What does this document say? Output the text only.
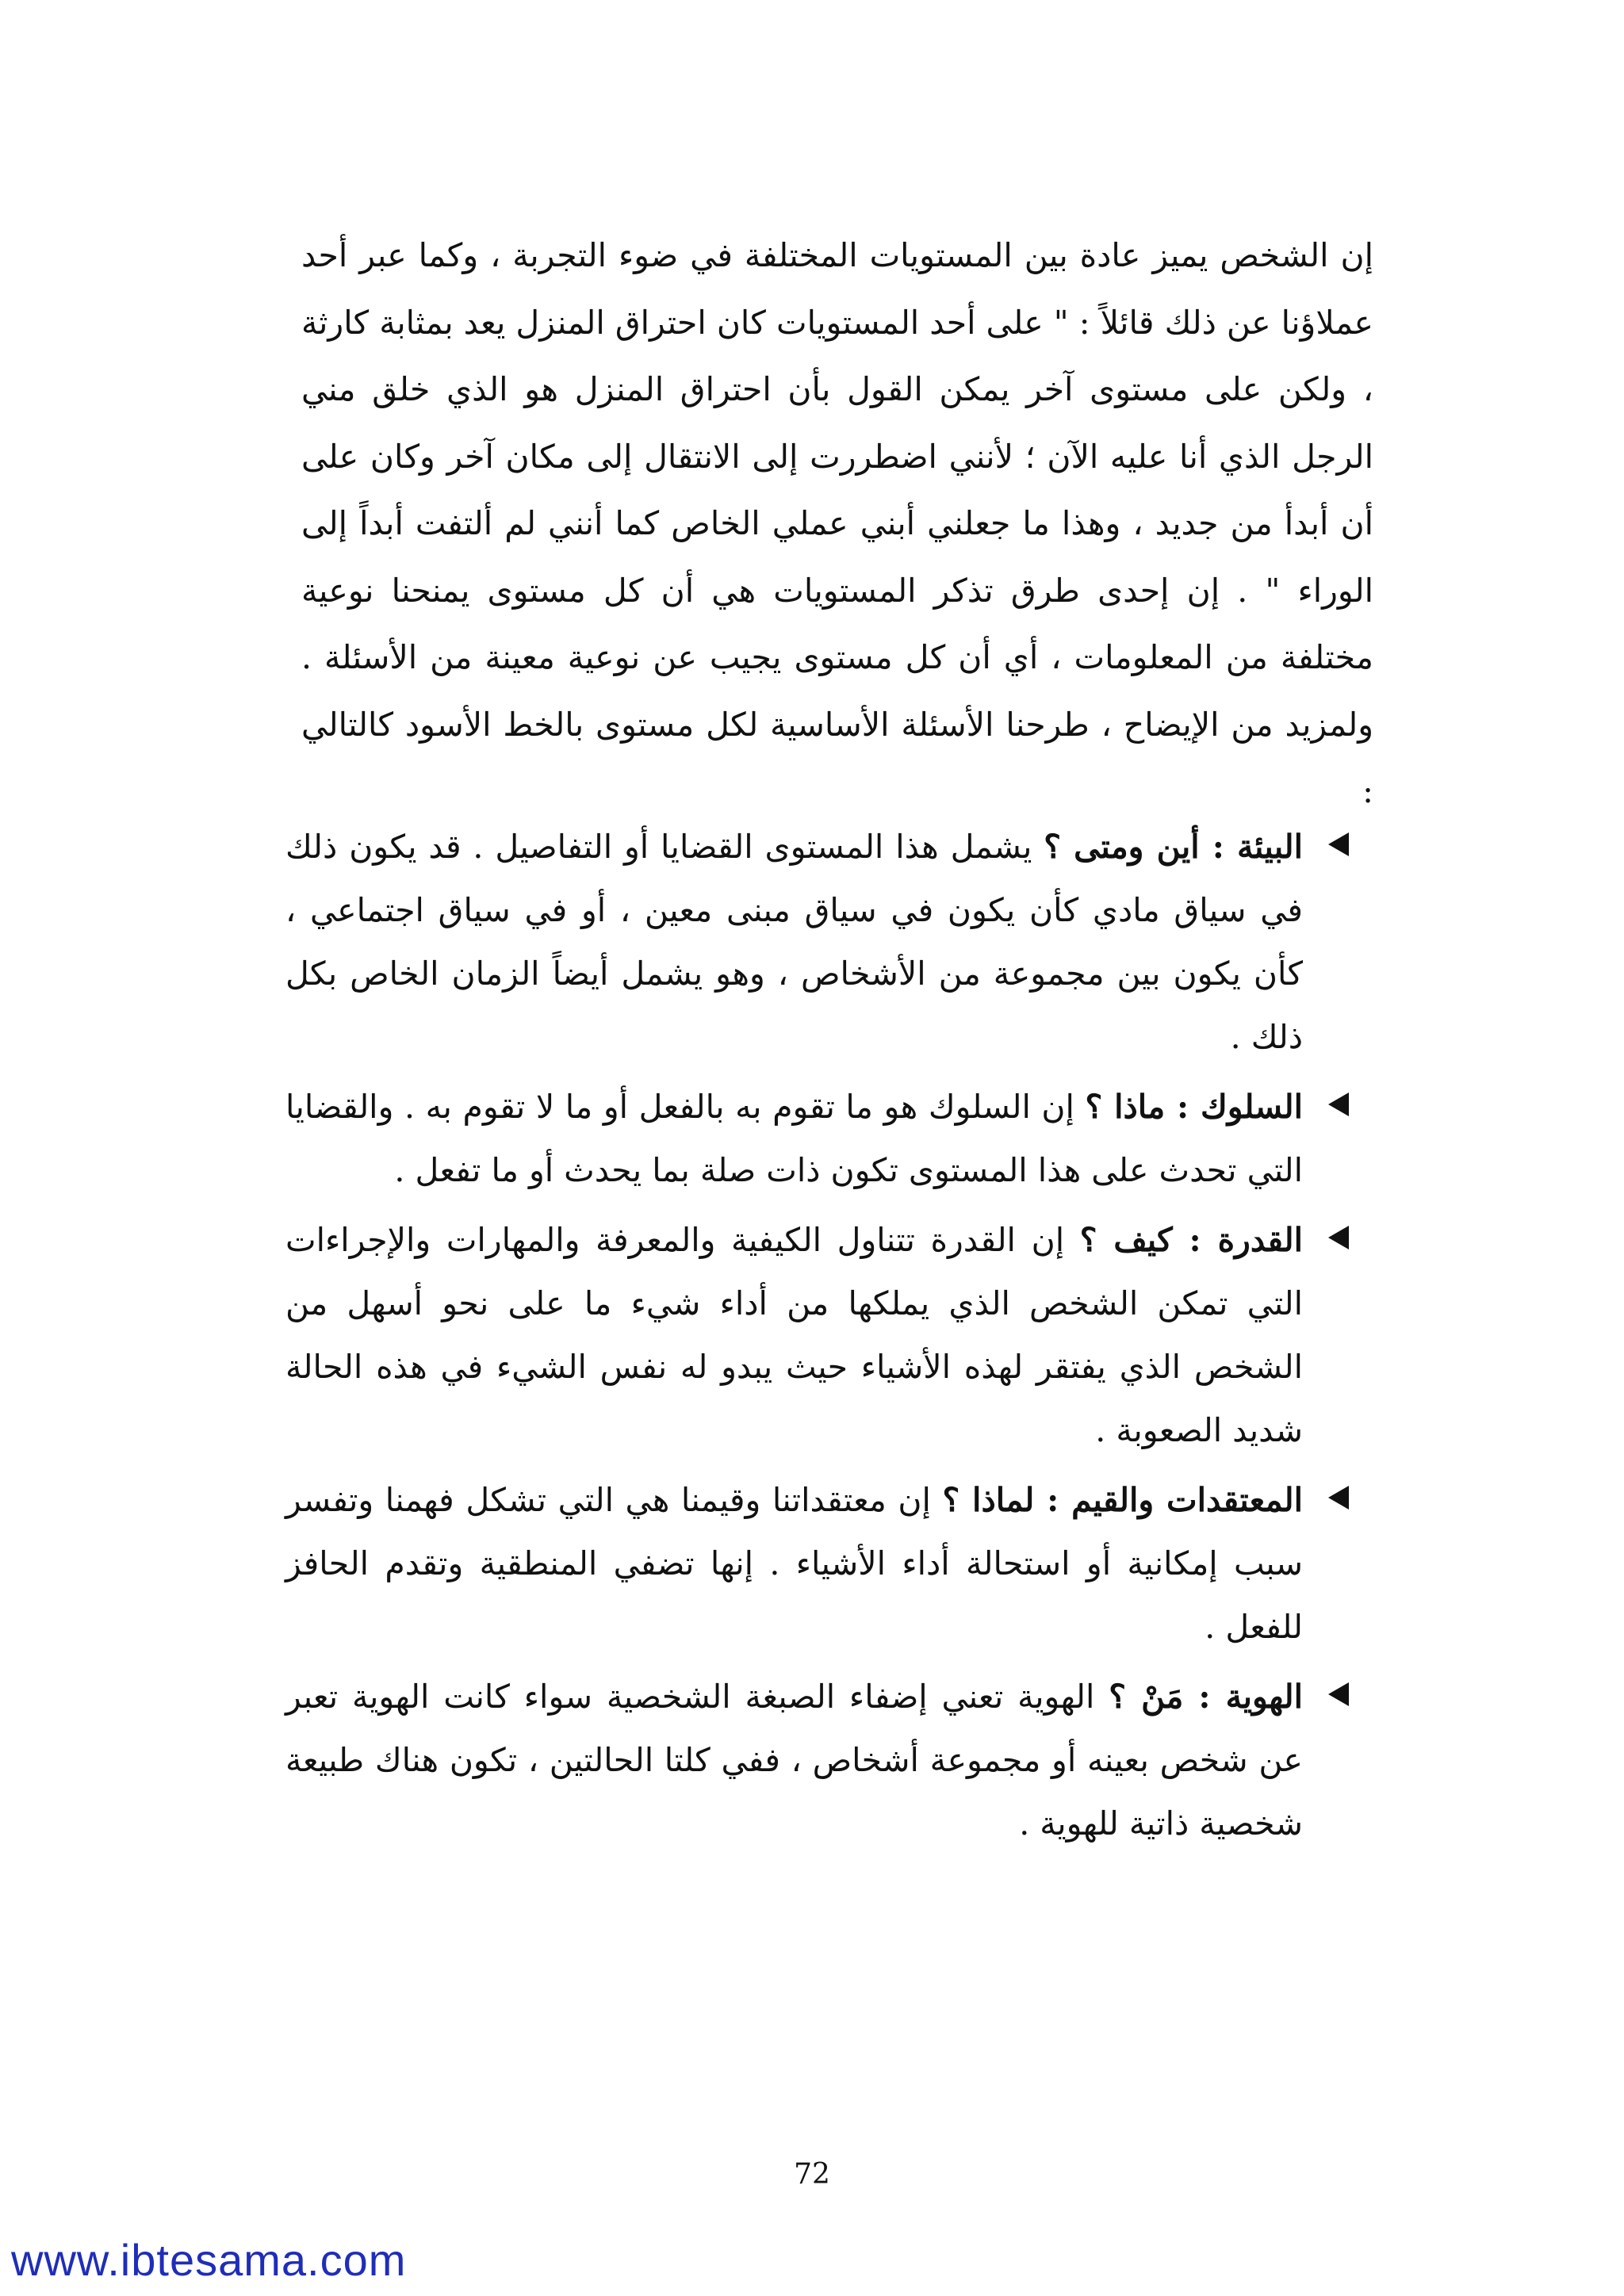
إن الشخص يميز عادة بين المستويات المختلفة في ضوء التجربة ، وكما عبر أحد عملاؤنا عن ذلك قائلاً : " على أحد المستويات كان احتراق المنزل يعد بمثابة كارثة ، ولكن على مستوى آخر يمكن القول بأن احتراق المنزل هو الذي خلق مني الرجل الذي أنا عليه الآن ؛ لأنني اضطررت إلى الانتقال إلى مكان آخر وكان على أن أبدأ من جديد ، وهذا ما جعلني أبني عملي الخاص كما أنني لم ألتفت أبداً إلى الوراء " . إن إحدى طرق تذكر المستويات هي أن كل مستوى يمنحنا نوعية مختلفة من المعلومات ، أي أن كل مستوى يجيب عن نوعية معينة من الأسئلة . ولمزيد من الإيضاح ، طرحنا الأسئلة الأساسية لكل مستوى بالخط الأسود كالتالي :

البيئة : أين ومتى ؟ يشمل هذا المستوى القضايا أو التفاصيل . قد يكون ذلك في سياق مادي كأن يكون في سياق مبنى معين ، أو في سياق اجتماعي ، كأن يكون بين مجموعة من الأشخاص ، وهو يشمل أيضاً الزمان الخاص بكل ذلك .
السلوك : ماذا ؟ إن السلوك هو ما تقوم به بالفعل أو ما لا تقوم به . والقضايا التي تحدث على هذا المستوى تكون ذات صلة بما يحدث أو ما تفعل .
القدرة : كيف ؟ إن القدرة تتناول الكيفية والمعرفة والمهارات والإجراءات التي تمكن الشخص الذي يملكها من أداء شيء ما على نحو أسهل من الشخص الذي يفتقر لهذه الأشياء حيث يبدو له نفس الشيء في هذه الحالة شديد الصعوبة .
المعتقدات والقيم : لماذا ؟ إن معتقداتنا وقيمنا هي التي تشكل فهمنا وتفسر سبب إمكانية أو استحالة أداء الأشياء . إنها تضفي المنطقية وتقدم الحافز للفعل .
الهوية : مَنْ ؟ الهوية تعني إضفاء الصبغة الشخصية سواء كانت الهوية تعبر عن شخص بعينه أو مجموعة أشخاص ، ففي كلتا الحالتين ، تكون هناك طبيعة شخصية ذاتية للهوية .
72
www.ibtesama.com
